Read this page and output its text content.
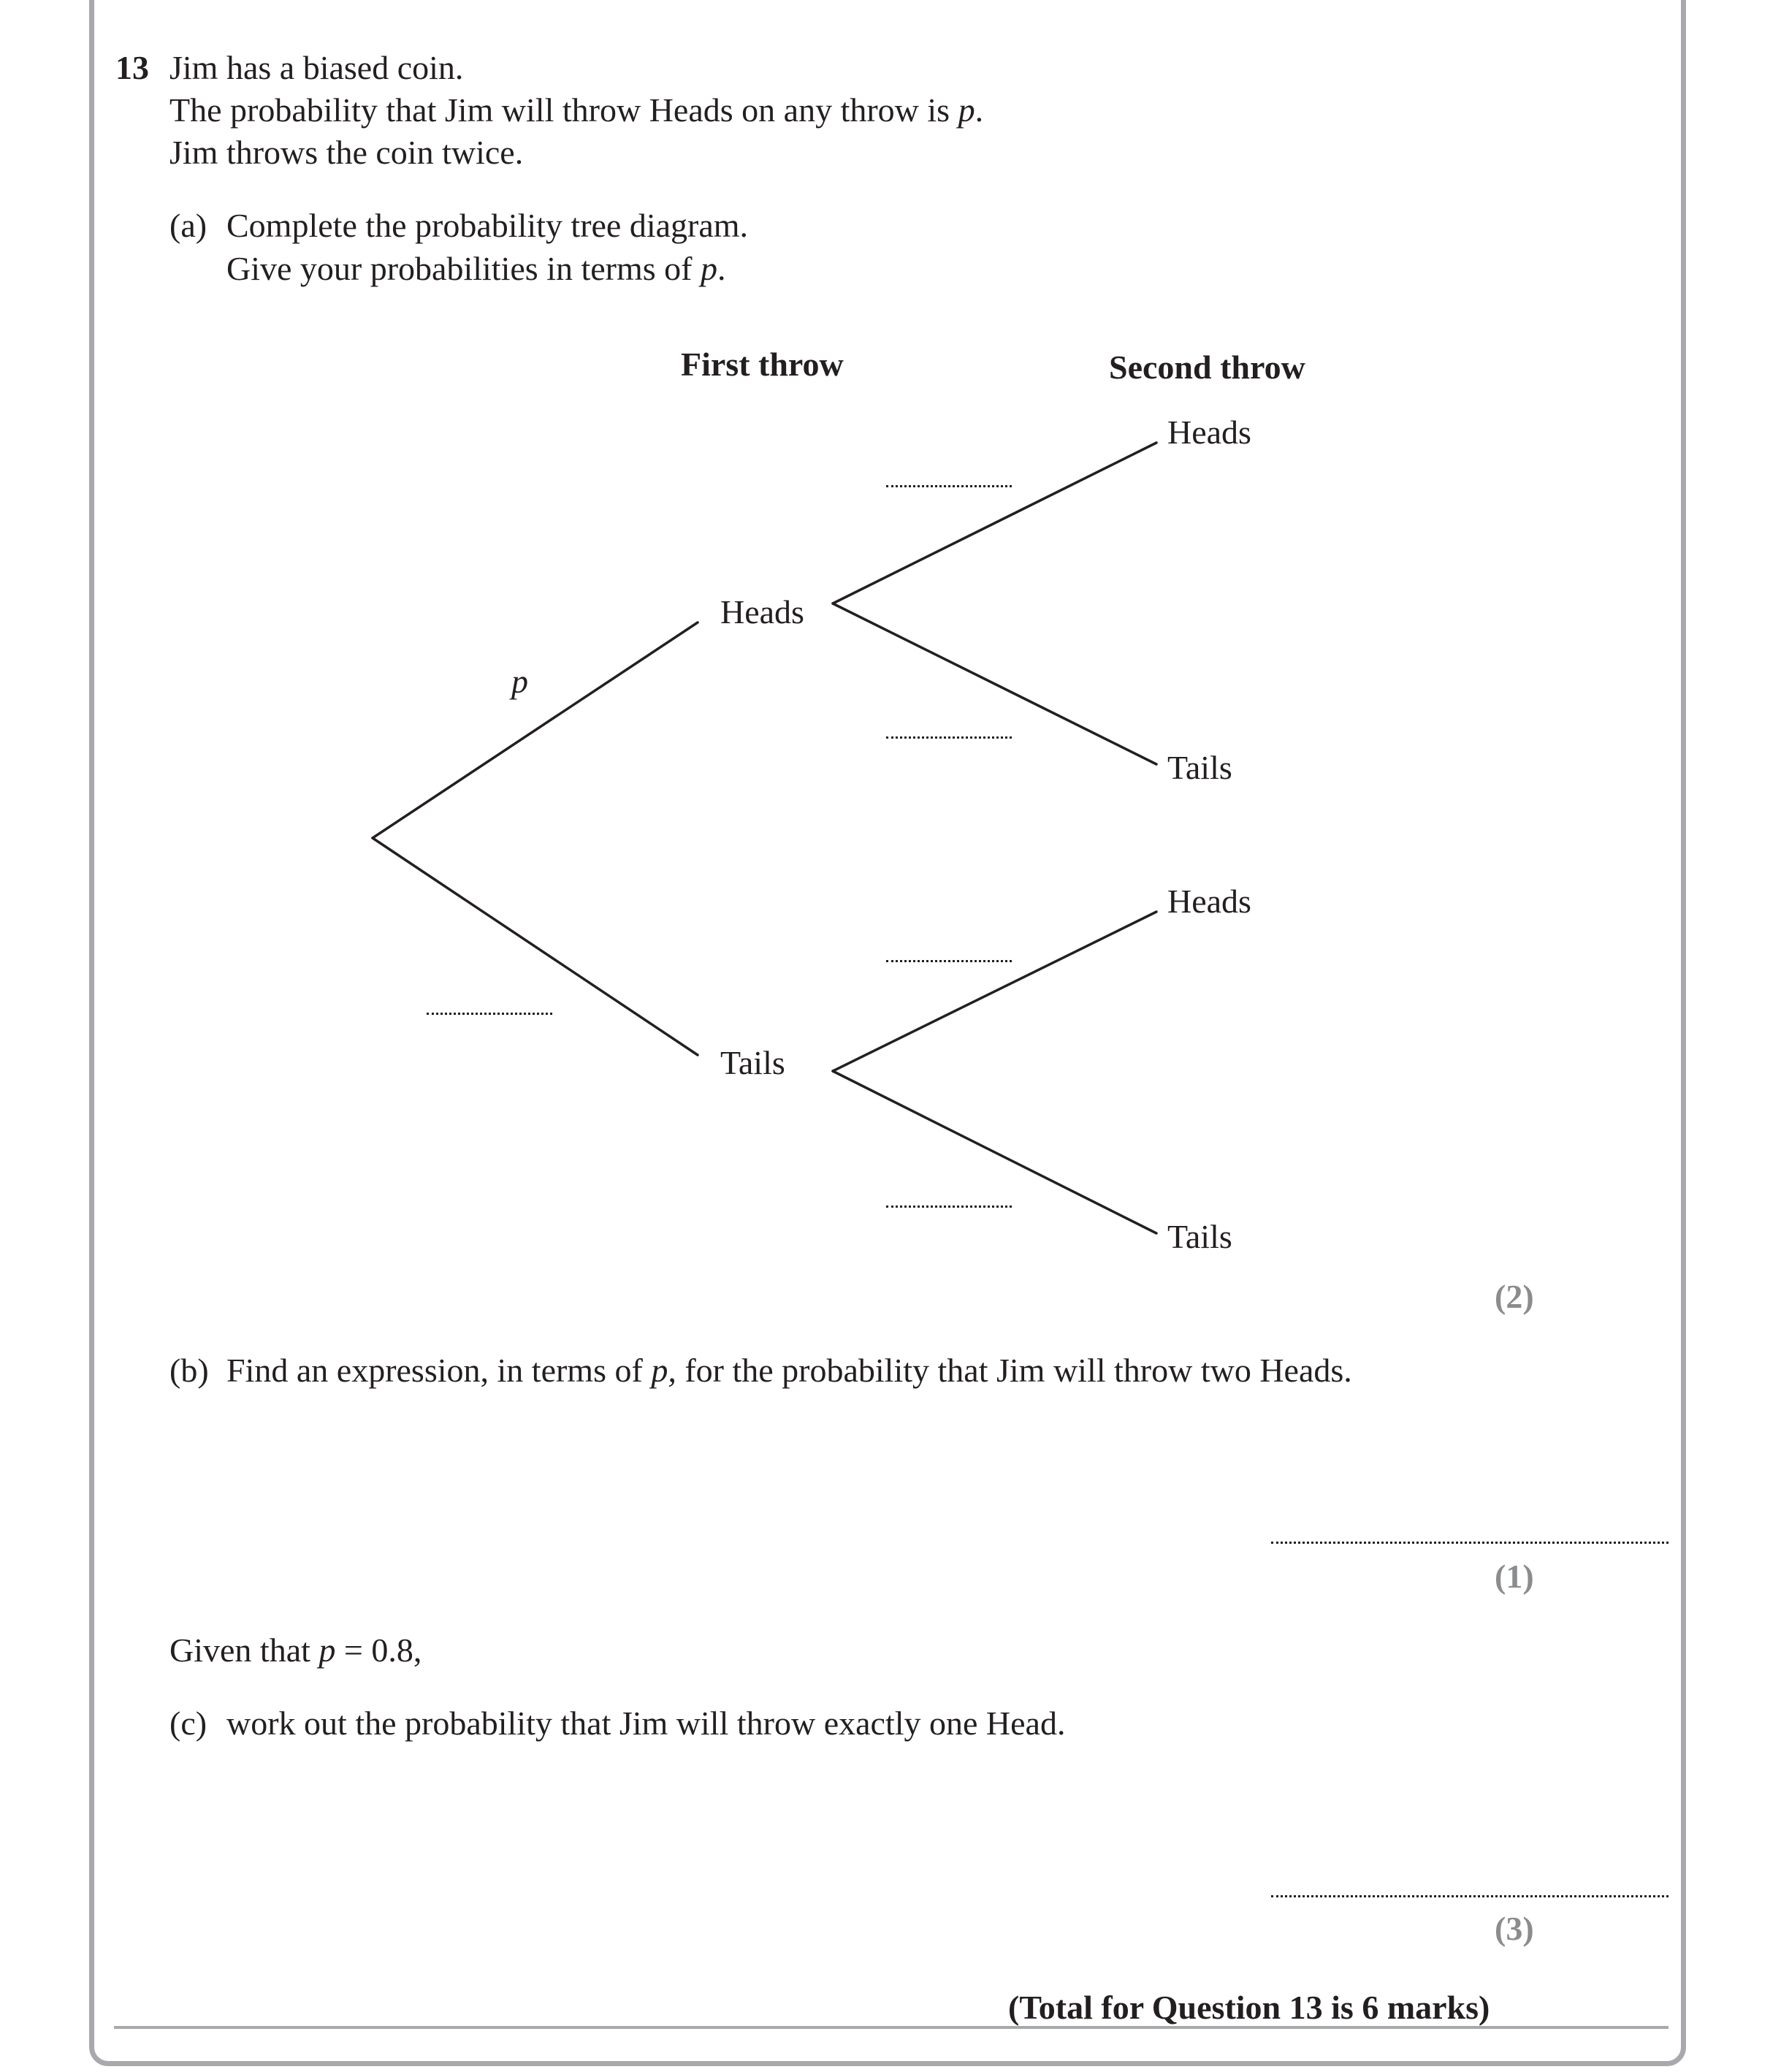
13 Jim has a biased coin.
The probability that Jim will throw Heads on any throw is p.
Jim throws the coin twice.
(a) Complete the probability tree diagram.
Give your probabilities in terms of p.
First throw	Second throw
Heads
Tails
Heads
Tails
Heads
Tails
p
(2)
(b) Find an expression, in terms of p, for the probability that Jim will throw two Heads.
(1)
Given that p = 0.8,
(c) work out the probability that Jim will throw exactly one Head.
(3)
(Total for Question 13 is 6 marks)
